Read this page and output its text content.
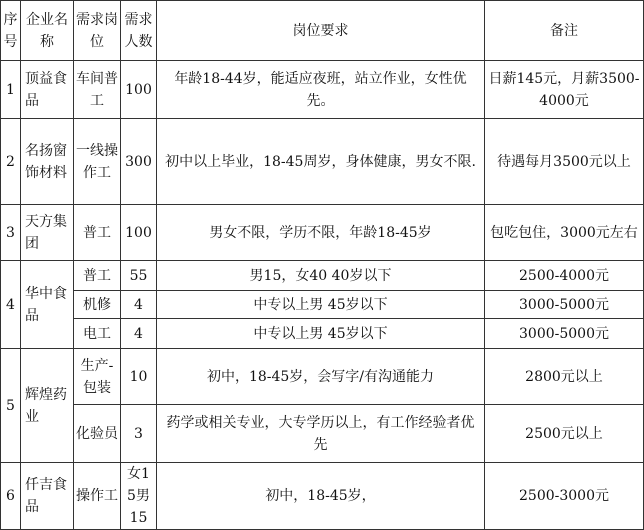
序号	企业名称	需求岗位	需求人数	岗位要求	备注
1	顶益食品	车间普工	100	年龄18-44岁，能适应夜班，站立作业，女性优先。	日薪145元，月薪3500-4000元
2	名扬窗饰材料	一线操作工	300	初中以上毕业，18-45周岁，身体健康，男女不限.	待遇每月3500元以上
3	天方集团	普工	100	男女不限，学历不限，年龄18-45岁	包吃包住，3000元左右
4	华中食品	普工	55	男15，女40 40岁以下	2500-4000元
		机修	4	中专以上男 45岁以下	3000-5000元
		电工	4	中专以上男 45岁以下	3000-5000元
5	辉煌药业	生产-包装	10	初中，18-45岁，会写字/有沟通能力	2800元以上
		化验员	3	药学或相关专业，大专学历以上，有工作经验者优先	2500元以上
6	仟吉食品	操作工	女15男15	初中，18-45岁，	2500-3000元
